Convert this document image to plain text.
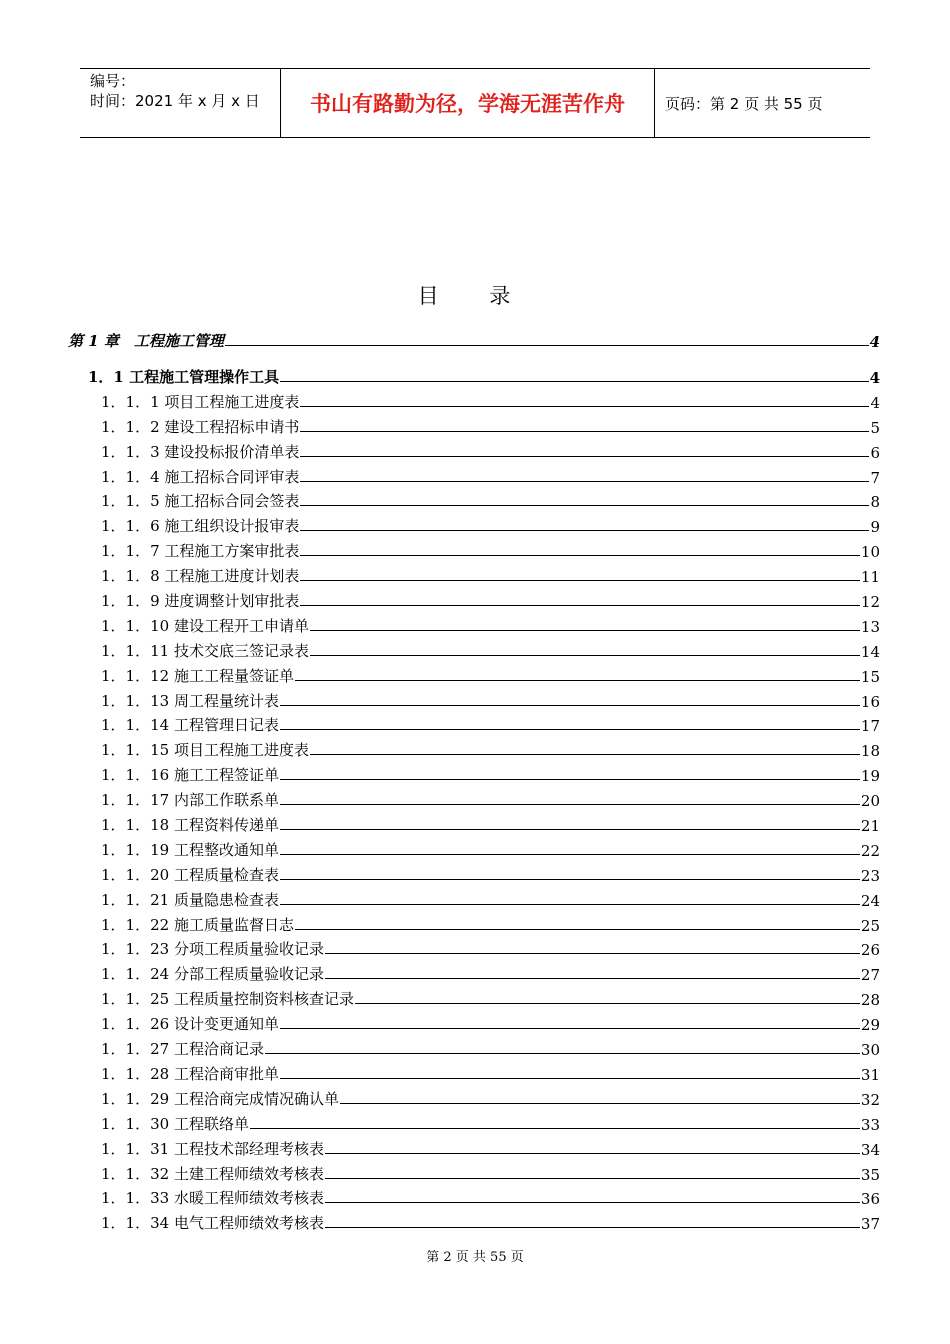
编号：
时间：2021 年 x 月 x 日	书山有路勤为径，学海无涯苦作舟	页码：第 2 页 共 55 页
目 录
第 1 章　工程施工管理	4
1．1 工程施工管理操作工具	4
1．1．1 项目工程施工进度表	4
1．1．2 建设工程招标申请书	5
1．1．3 建设投标报价清单表	6
1．1．4 施工招标合同评审表	7
1．1．5 施工招标合同会签表	8
1．1．6 施工组织设计报审表	9
1．1．7 工程施工方案审批表	10
1．1．8 工程施工进度计划表	11
1．1．9 进度调整计划审批表	12
1．1．10 建设工程开工申请单	13
1．1．11 技术交底三签记录表	14
1．1．12 施工工程量签证单	15
1．1．13 周工程量统计表	16
1．1．14 工程管理日记表	17
1．1．15 项目工程施工进度表	18
1．1．16 施工工程签证单	19
1．1．17 内部工作联系单	20
1．1．18 工程资料传递单	21
1．1．19 工程整改通知单	22
1．1．20 工程质量检查表	23
1．1．21 质量隐患检查表	24
1．1．22 施工质量监督日志	25
1．1．23 分项工程质量验收记录	26
1．1．24 分部工程质量验收记录	27
1．1．25 工程质量控制资料核查记录	28
1．1．26 设计变更通知单	29
1．1．27 工程洽商记录	30
1．1．28 工程洽商审批单	31
1．1．29 工程洽商完成情况确认单	32
1．1．30 工程联络单	33
1．1．31 工程技术部经理考核表	34
1．1．32 土建工程师绩效考核表	35
1．1．33 水暖工程师绩效考核表	36
1．1．34 电气工程师绩效考核表	37
第 2 页 共 55 页
